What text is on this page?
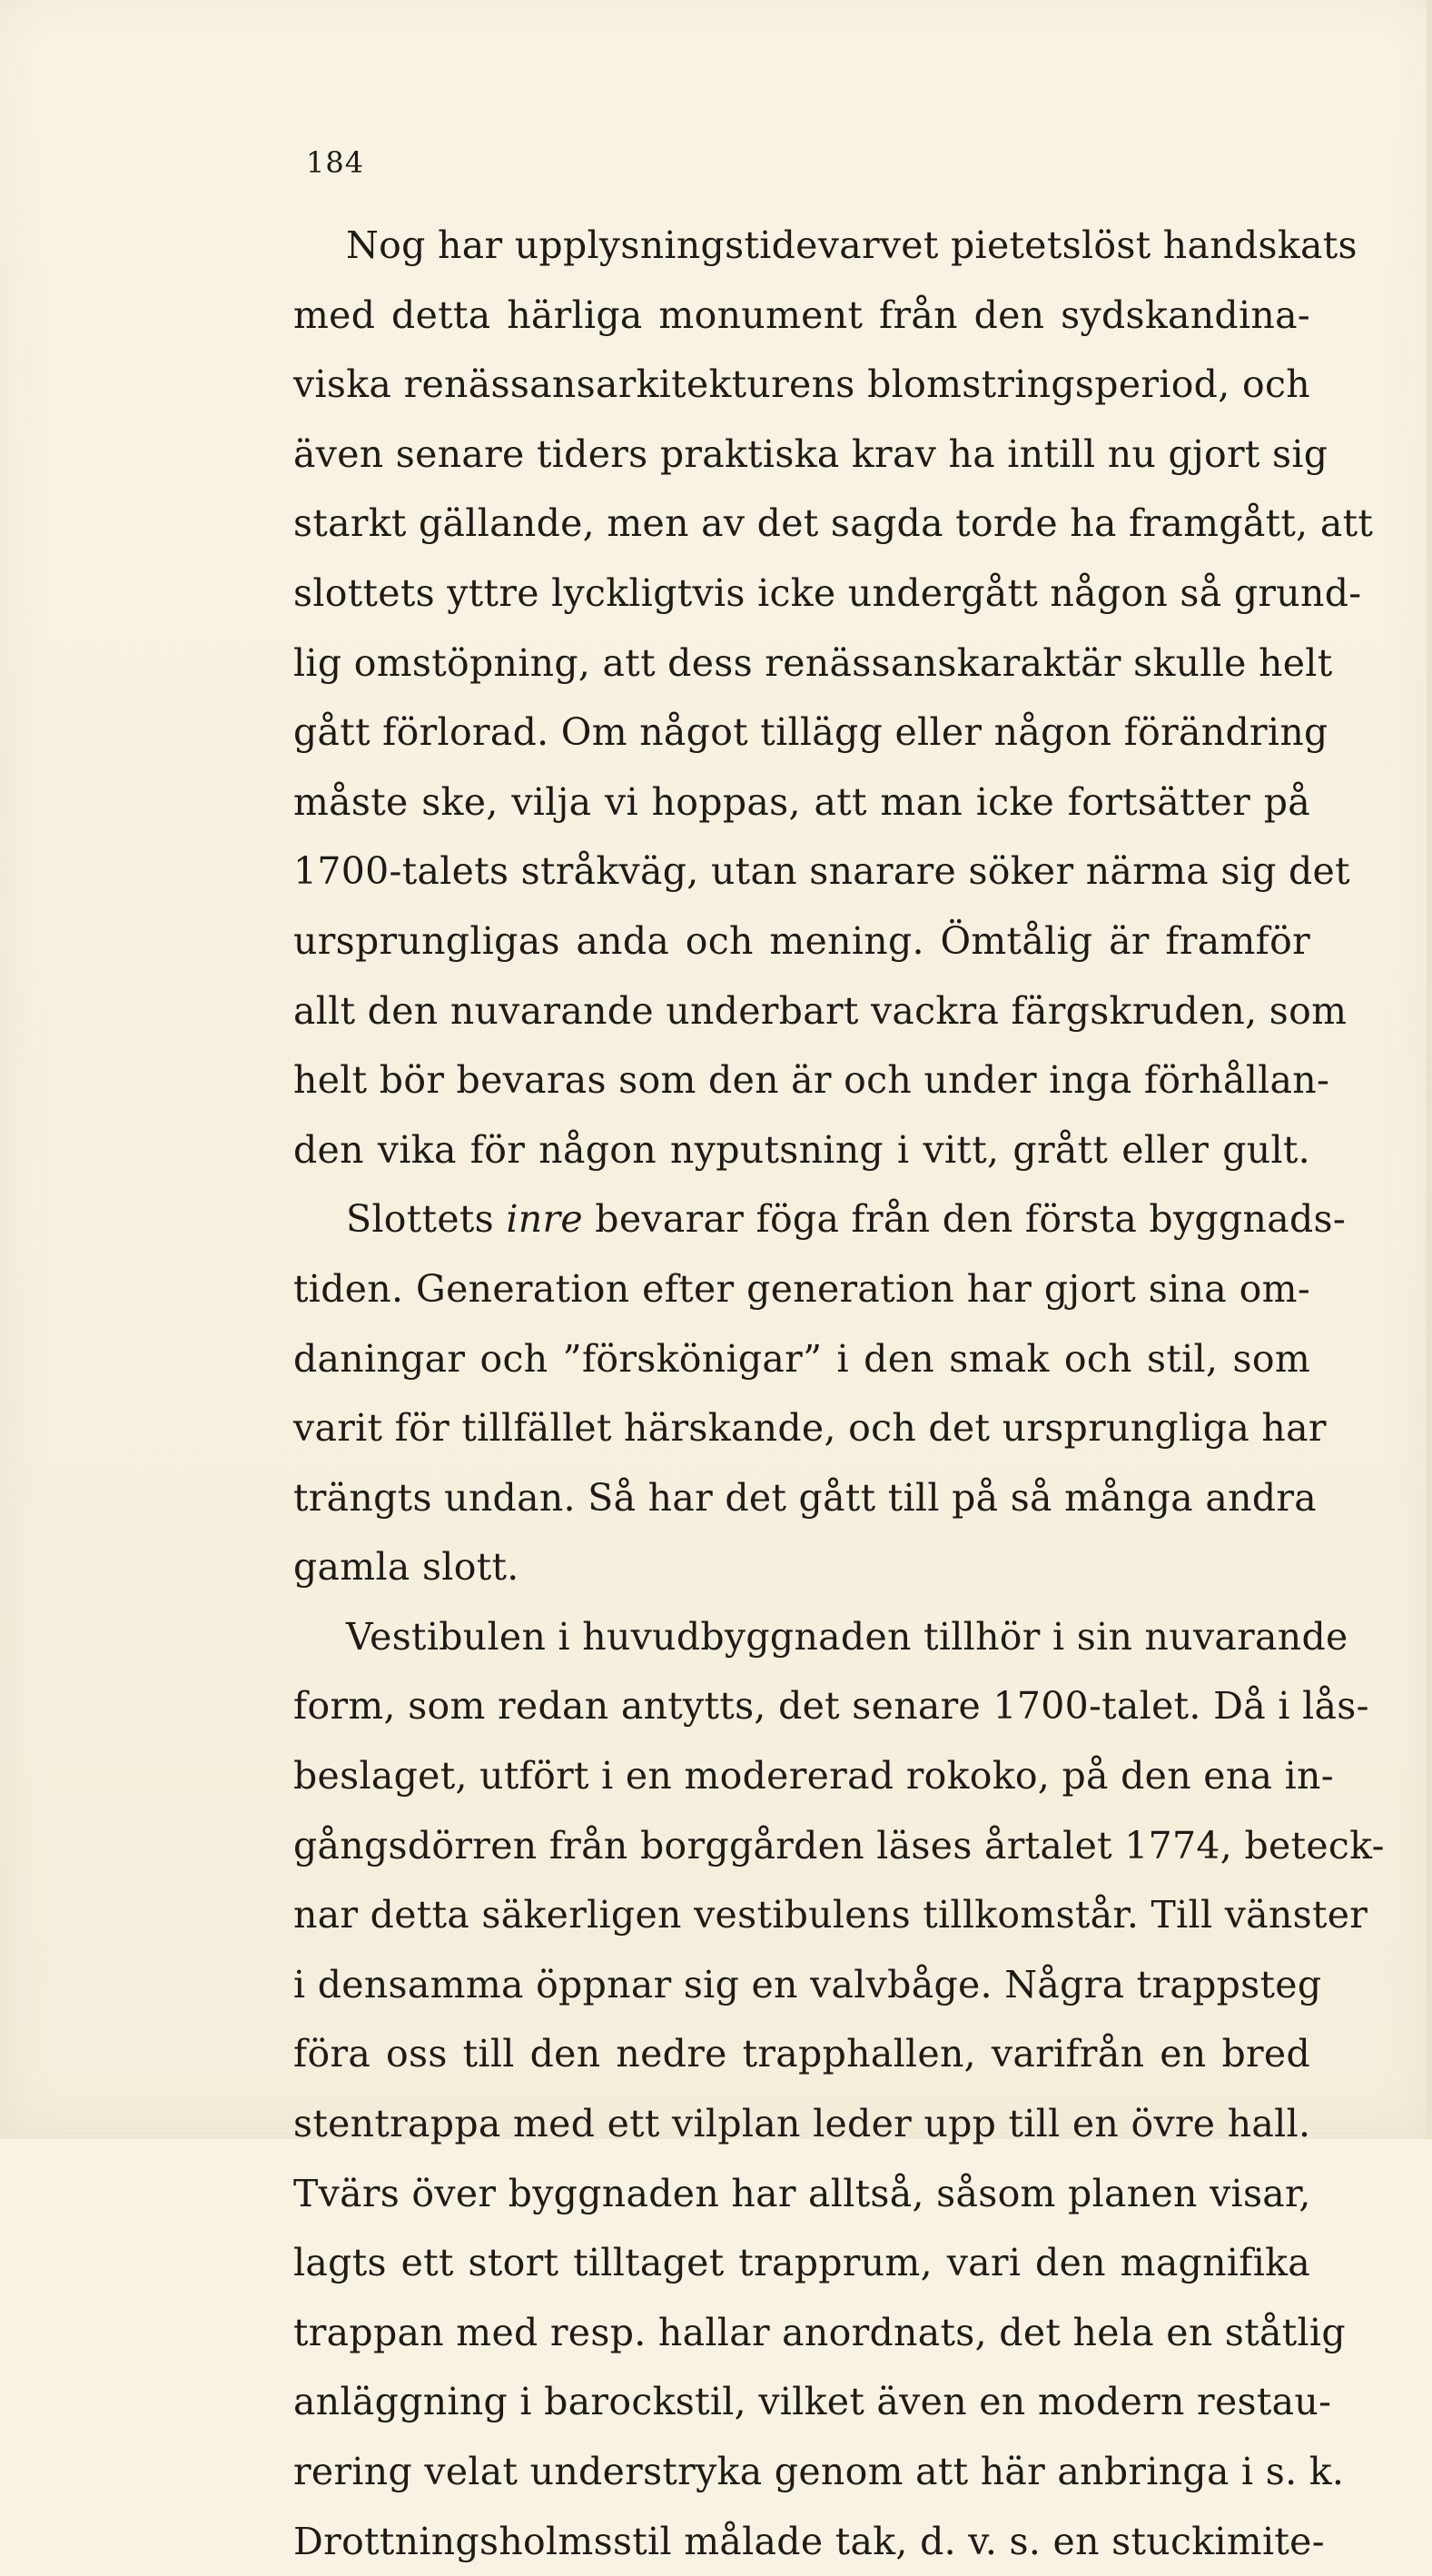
184
Nog har upplysningstidevarvet pietetslöst handskats
med detta härliga monument från den sydskandina-
viska renässansarkitekturens blomstringsperiod, och
även senare tiders praktiska krav ha intill nu gjort sig
starkt gällande, men av det sagda torde ha framgått, att
slottets yttre lyckligtvis icke undergått någon så grund-
lig omstöpning, att dess renässanskaraktär skulle helt
gått förlorad. Om något tillägg eller någon förändring
måste ske, vilja vi hoppas, att man icke fortsätter på
1700-talets stråkväg, utan snarare söker närma sig det
ursprungligas anda och mening. Ömtålig är framför
allt den nuvarande underbart vackra färgskruden, som
helt bör bevaras som den är och under inga förhållan-
den vika för någon nyputsning i vitt, grått eller gult.
Slottets inre bevarar föga från den första byggnads-
tiden. Generation efter generation har gjort sina om-
daningar och ”förskönigar” i den smak och stil, som
varit för tillfället härskande, och det ursprungliga har
trängts undan. Så har det gått till på så många andra
gamla slott.
Vestibulen i huvudbyggnaden tillhör i sin nuvarande
form, som redan antytts, det senare 1700-talet. Då i lås-
beslaget, utfört i en modererad rokoko, på den ena in-
gångsdörren från borggården läses årtalet 1774, beteck-
nar detta säkerligen vestibulens tillkomstår. Till vänster
i densamma öppnar sig en valvbåge. Några trappsteg
föra oss till den nedre trapphallen, varifrån en bred
stentrappa med ett vilplan leder upp till en övre hall.
Tvärs över byggnaden har alltså, såsom planen visar,
lagts ett stort tilltaget trapprum, vari den magnifika
trappan med resp. hallar anordnats, det hela en ståtlig
anläggning i barockstil, vilket även en modern restau-
rering velat understryka genom att här anbringa i s. k.
Drottningsholmsstil målade tak, d. v. s. en stuckimite-
